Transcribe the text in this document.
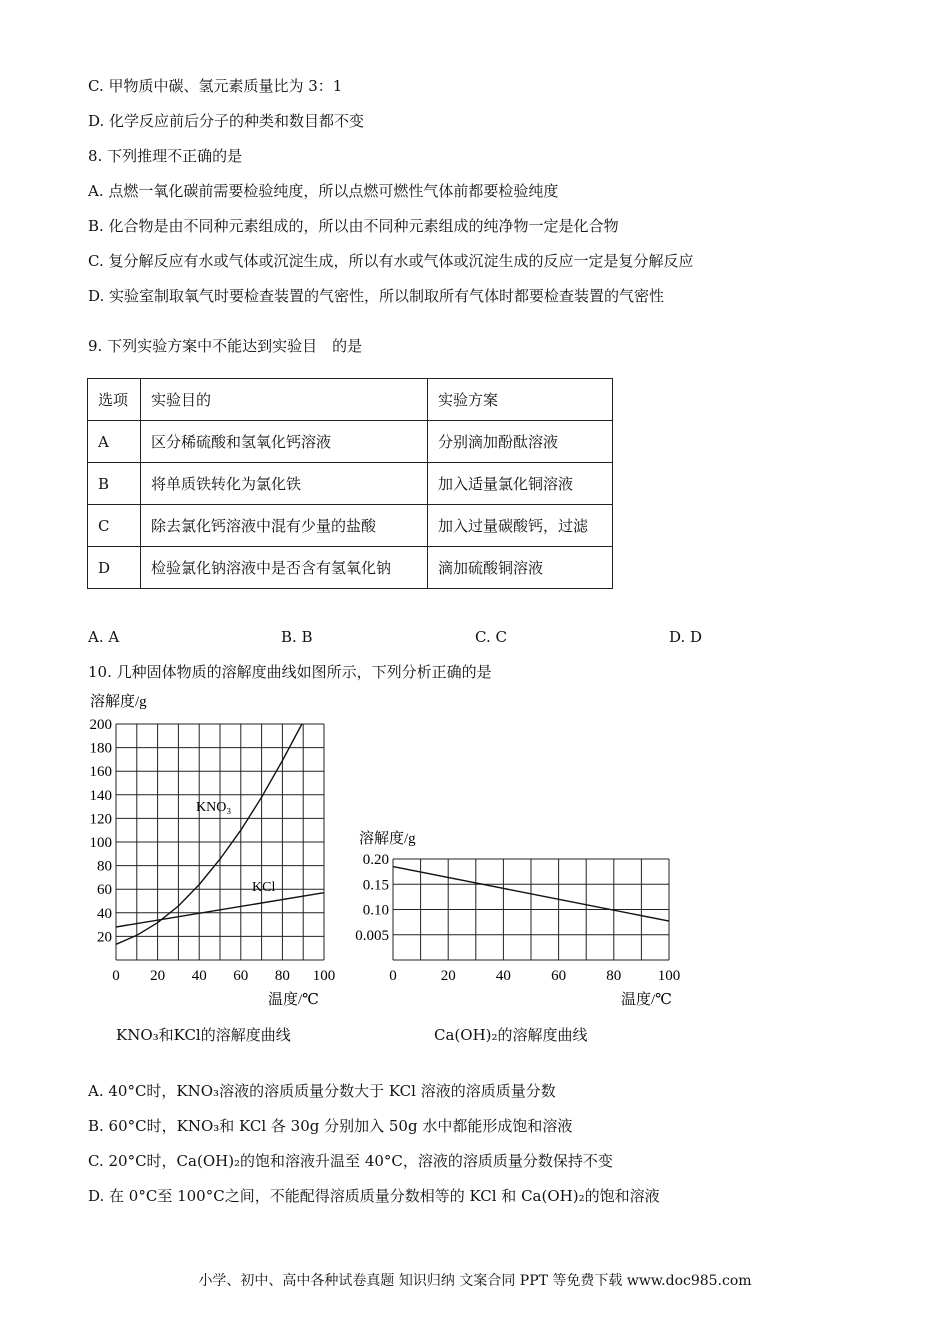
C. 甲物质中碳、氢元素质量比为 3：1
D. 化学反应前后分子的种类和数目都不变
8. 下列推理不正确的是
A. 点燃一氧化碳前需要检验纯度，所以点燃可燃性气体前都要检验纯度
B. 化合物是由不同种元素组成的，所以由不同种元素组成的纯净物一定是化合物
C. 复分解反应有水或气体或沉淀生成，所以有水或气体或沉淀生成的反应一定是复分解反应
D. 实验室制取氧气时要检查装置的气密性，所以制取所有气体时都要检查装置的气密性
9. 下列实验方案中不能达到实验目　的是
选项	实验目的	实验方案
A	区分稀硫酸和氢氧化钙溶液	分别滴加酚酞溶液
B	将单质铁转化为氯化铁	加入适量氯化铜溶液
C	除去氯化钙溶液中混有少量的盐酸	加入过量碳酸钙，过滤
D	检验氯化钠溶液中是否含有氢氧化钠	滴加硫酸铜溶液
A. A	B. B	C. C	D. D
10. 几种固体物质的溶解度曲线如图所示，下列分析正确的是
0 20 40 60 80 100
20
40
60
80
100
120
140
160
180
200
溶解度/g
温度/℃
KNO₃
KCl
0	20	40	60	80 100
0.005
0.10
0.15
0.20
溶解度/g
温度/℃
KNO₃和KCl的溶解度曲线	Ca(OH)₂的溶解度曲线
A. 40°C时，KNO₃溶液的溶质质量分数大于 KCl 溶液的溶质质量分数
B. 60°C时，KNO₃和 KCl 各 30g 分别加入 50g 水中都能形成饱和溶液
C. 20°C时，Ca(OH)₂的饱和溶液升温至 40°C，溶液的溶质质量分数保持不变
D. 在 0°C至 100°C之间，不能配得溶质质量分数相等的 KCl 和 Ca(OH)₂的饱和溶液
小学、初中、高中各种试卷真题 知识归纳 文案合同 PPT 等免费下载 www.doc985.com
